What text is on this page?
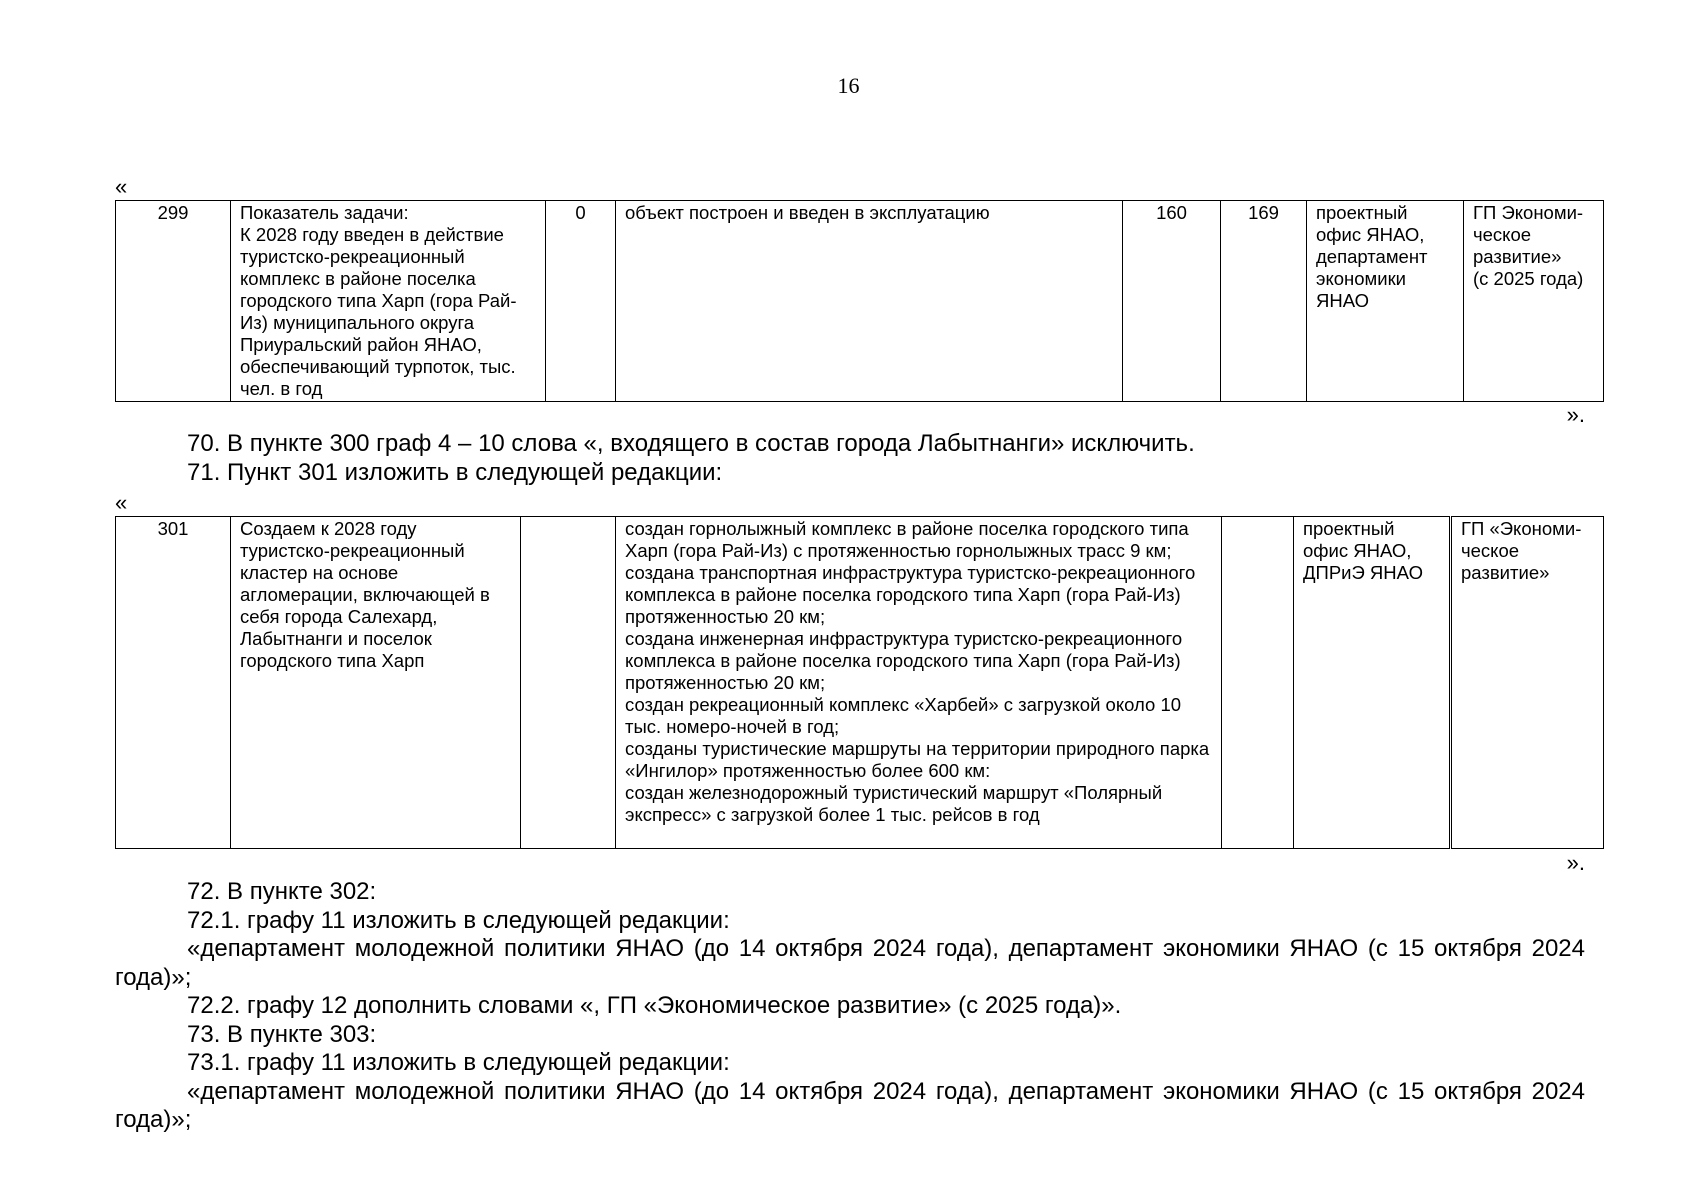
16
«
299	Показатель задачи:
К 2028 году введен в действие туристско-рекреационный комплекс в районе поселка городского типа Харп (гора Рай-Из) муниципального округа Приуральский район ЯНАО, обеспечивающий турпоток, тыс. чел. в год	0	объект построен и введен в эксплуатацию	160	169	проектный офис ЯНАО, департамент экономики ЯНАО	ГП Экономи-ческое развитие»
(с 2025 года)
».

70. В пункте 300 граф 4 – 10 слова «, входящего в состав города Лабытнанги» исключить.

71. Пункт 301 изложить в следующей редакции:

«
301	Создаем к 2028 году туристско-рекреационный кластер на основе агломерации, включающей в себя города Салехард, Лабытнанги и поселок городского типа Харп		создан горнолыжный комплекс в районе поселка городского типа Харп (гора Рай-Из) с протяженностью горнолыжных трасс 9 км;
создана транспортная инфраструктура туристско-рекреационного комплекса в районе поселка городского типа Харп (гора Рай-Из) протяженностью 20 км;
создана инженерная инфраструктура туристско-рекреационного комплекса в районе поселка городского типа Харп (гора Рай-Из) протяженностью 20 км;
создан рекреационный комплекс «Харбей» с загрузкой около 10 тыс. номеро-ночей в год;
созданы туристические маршруты на территории природного парка «Ингилор» протяженностью более 600 км:
создан железнодорожный туристический маршрут «Полярный экспресс» с загрузкой более 1 тыс. рейсов в год		проектный офис ЯНАО, ДПРиЭ ЯНАО	ГП «Экономи-ческое развитие»
».

72. В пункте 302:

72.1. графу 11 изложить в следующей редакции:

«департамент молодежной политики ЯНАО (до 14 октября 2024 года), департамент экономики ЯНАО (с 15 октября 2024 года)»;

72.2. графу 12 дополнить словами «, ГП «Экономическое развитие» (с 2025 года)».

73. В пункте 303:

73.1. графу 11 изложить в следующей редакции:

«департамент молодежной политики ЯНАО (до 14 октября 2024 года), департамент экономики ЯНАО (с 15 октября 2024 года)»;
